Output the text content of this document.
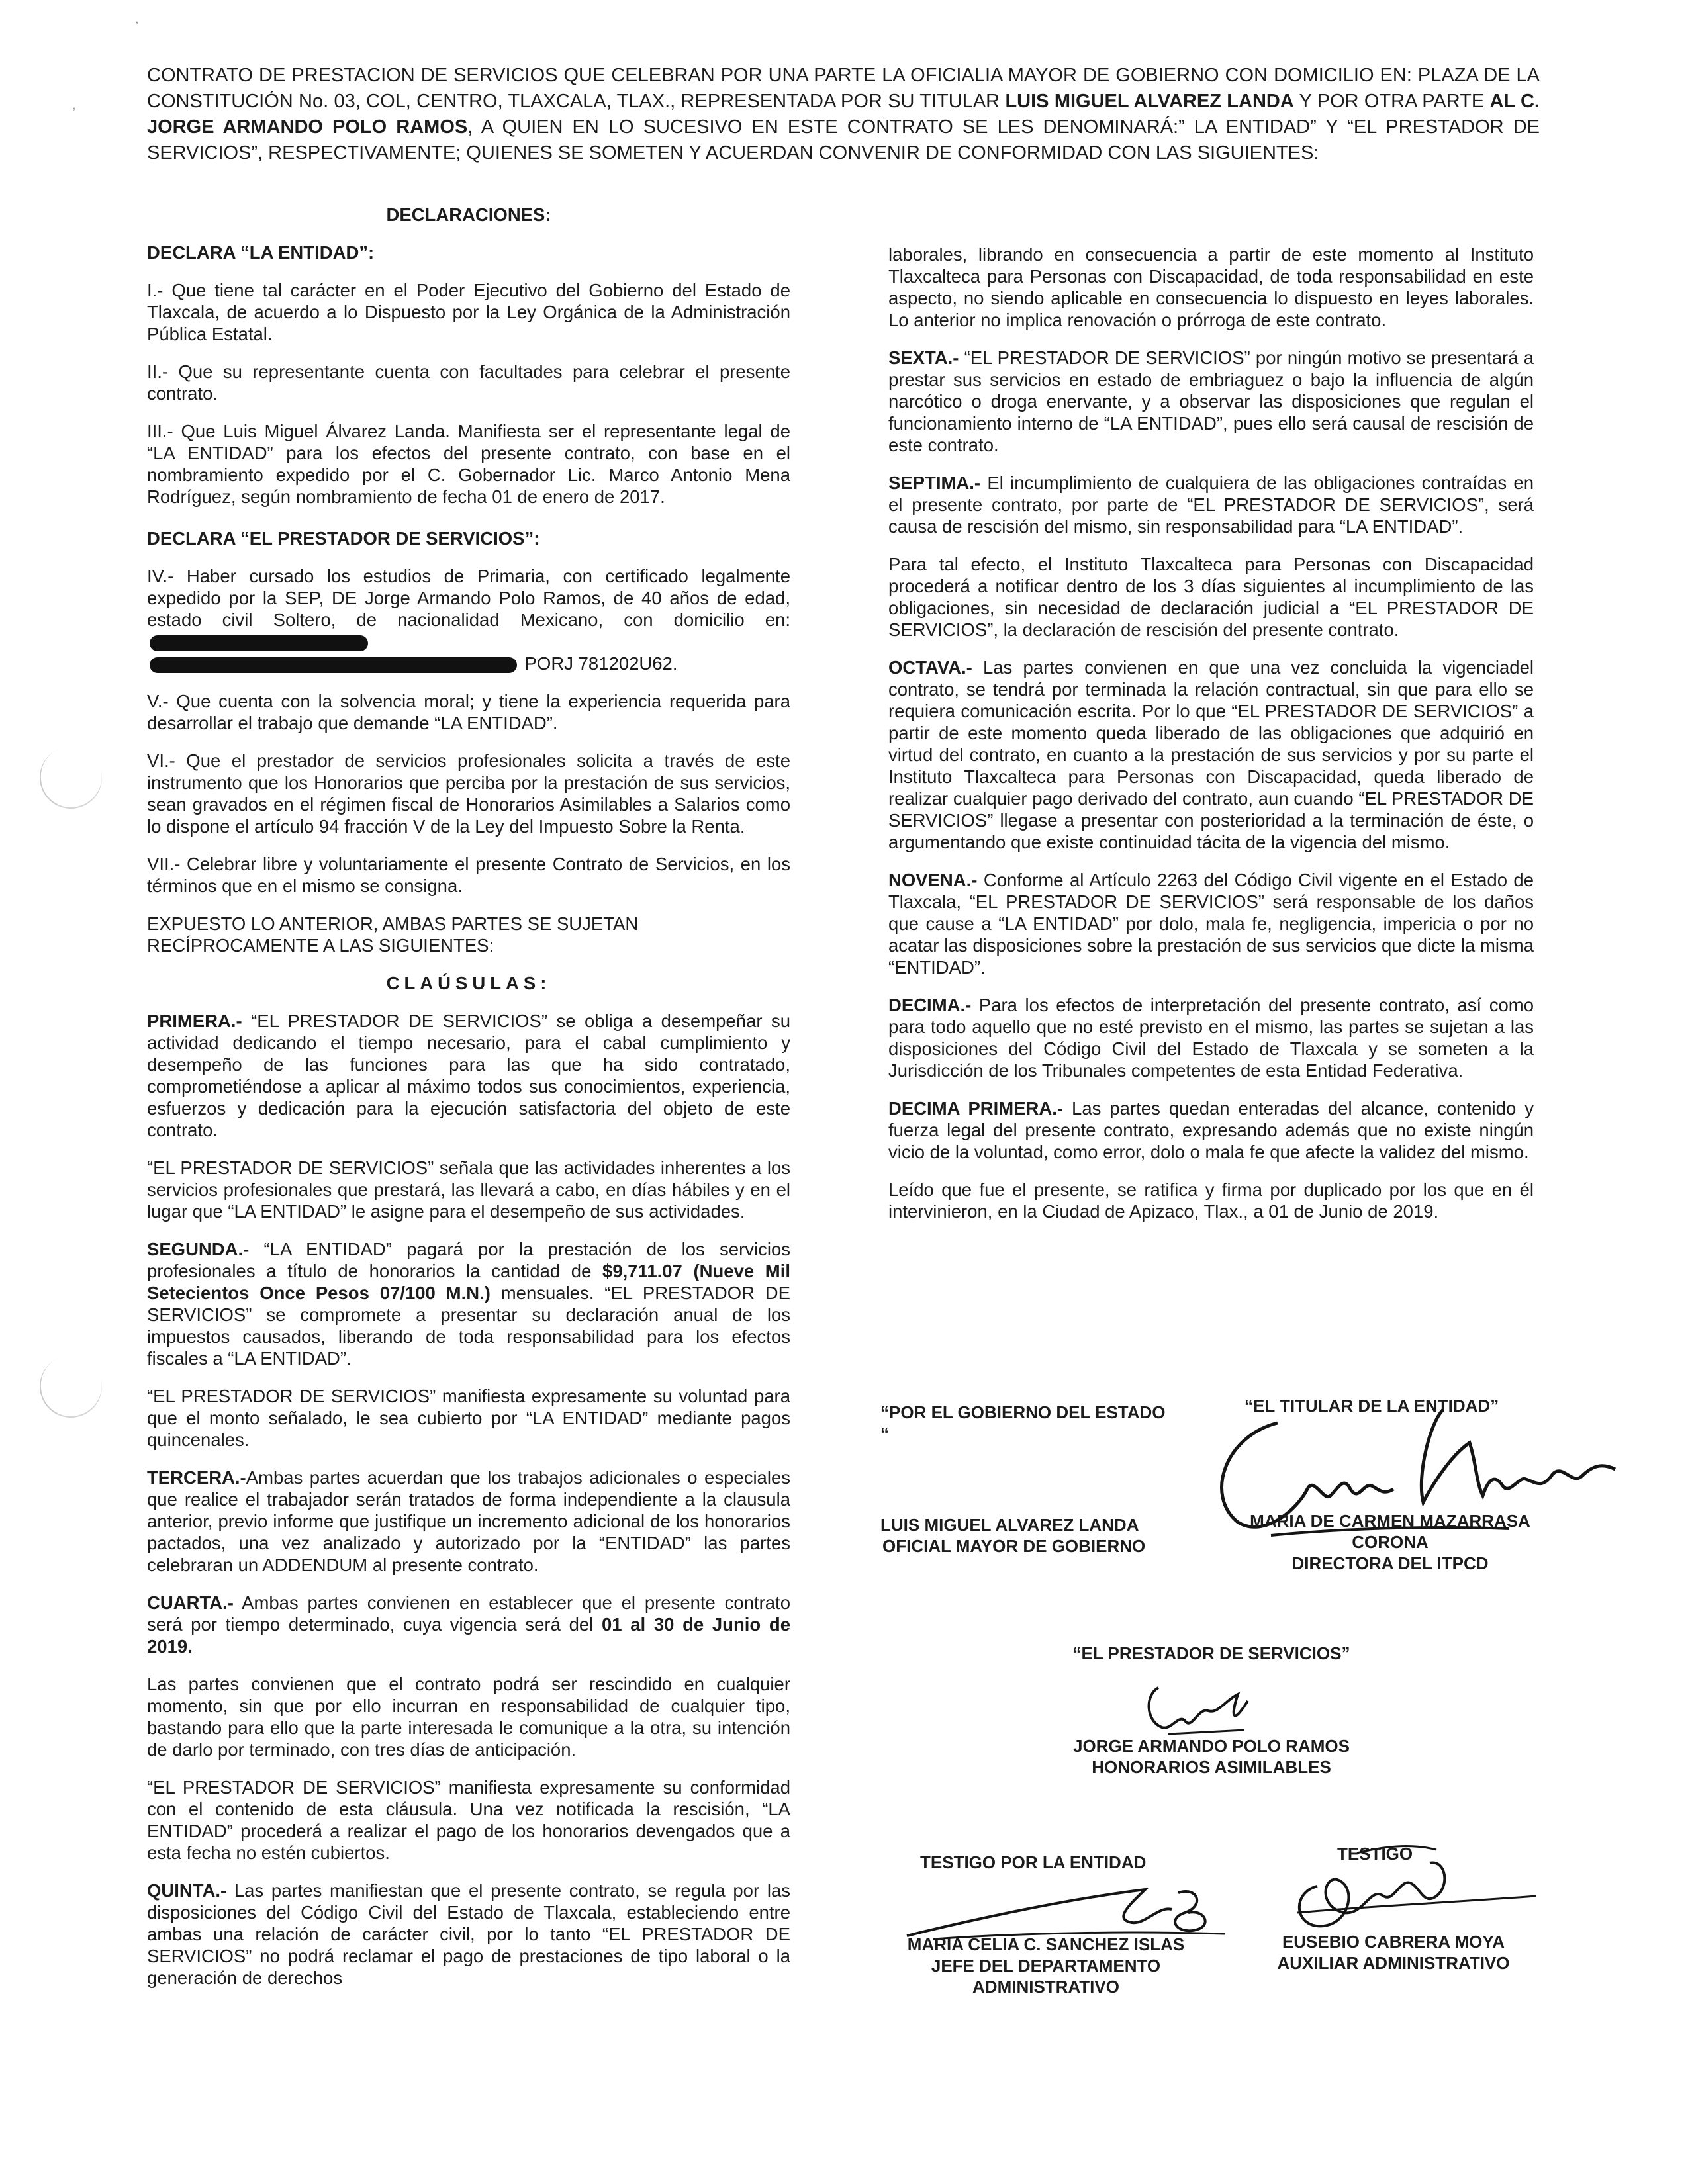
ʼ
ʼ
CONTRATO DE PRESTACION DE SERVICIOS QUE CELEBRAN POR UNA PARTE LA OFICIALIA MAYOR DE GOBIERNO CON DOMICILIO EN: PLAZA DE LA CONSTITUCIÓN No. 03, COL, CENTRO, TLAXCALA, TLAX., REPRESENTADA POR SU TITULAR LUIS MIGUEL ALVAREZ LANDA Y POR OTRA PARTE AL C. JORGE ARMANDO POLO RAMOS, A QUIEN EN LO SUCESIVO EN ESTE CONTRATO SE LES DENOMINARÁ:” LA ENTIDAD” Y “EL PRESTADOR DE SERVICIOS”, RESPECTIVAMENTE; QUIENES SE SOMETEN Y ACUERDAN CONVENIR DE CONFORMIDAD CON LAS SIGUIENTES:

DECLARACIONES:

DECLARA “LA ENTIDAD”:

I.- Que tiene tal carácter en el Poder Ejecutivo del Gobierno del Estado de Tlaxcala, de acuerdo a lo Dispuesto por la Ley Orgánica de la Administración Pública Estatal.

II.- Que su representante cuenta con facultades para celebrar el presente contrato.

III.- Que Luis Miguel Álvarez Landa. Manifiesta ser el representante legal de “LA ENTIDAD” para los efectos del presente contrato, con base en el nombramiento expedido por el C. Gobernador Lic. Marco Antonio Mena Rodríguez, según nombramiento de fecha 01 de enero de 2017.

DECLARA “EL PRESTADOR DE SERVICIOS”:

IV.- Haber cursado los estudios de Primaria, con certificado legalmente expedido por la SEP, DE Jorge Armando Polo Ramos, de 40 años de edad, estado civil Soltero, de nacionalidad Mexicano, con domicilio en:
PORJ 781202U62.

V.- Que cuenta con la solvencia moral; y tiene la experiencia requerida para desarrollar el trabajo que demande “LA ENTIDAD”.

VI.- Que el prestador de servicios profesionales solicita a través de este instrumento que los Honorarios que perciba por la prestación de sus servicios, sean gravados en el régimen fiscal de Honorarios Asimilables a Salarios como lo dispone el artículo 94 fracción V de la Ley del Impuesto Sobre la Renta.

VII.- Celebrar libre y voluntariamente el presente Contrato de Servicios, en los términos que en el mismo se consigna.

EXPUESTO LO ANTERIOR, AMBAS PARTES SE SUJETAN RECÍPROCAMENTE A LAS SIGUIENTES:

CLAÚSULAS:

PRIMERA.- “EL PRESTADOR DE SERVICIOS” se obliga a desempeñar su actividad dedicando el tiempo necesario, para el cabal cumplimiento y desempeño de las funciones para las que ha sido contratado, comprometiéndose a aplicar al máximo todos sus conocimientos, experiencia, esfuerzos y dedicación para la ejecución satisfactoria del objeto de este contrato.

“EL PRESTADOR DE SERVICIOS” señala que las actividades inherentes a los servicios profesionales que prestará, las llevará a cabo, en días hábiles y en el lugar que “LA ENTIDAD” le asigne para el desempeño de sus actividades.

SEGUNDA.- “LA ENTIDAD” pagará por la prestación de los servicios profesionales a título de honorarios la cantidad de $9,711.07 (Nueve Mil Setecientos Once Pesos 07/100 M.N.) mensuales. “EL PRESTADOR DE SERVICIOS” se compromete a presentar su declaración anual de los impuestos causados, liberando de toda responsabilidad para los efectos fiscales a “LA ENTIDAD”.

“EL PRESTADOR DE SERVICIOS” manifiesta expresamente su voluntad para que el monto señalado, le sea cubierto por “LA ENTIDAD” mediante pagos quincenales.

TERCERA.-Ambas partes acuerdan que los trabajos adicionales o especiales que realice el trabajador serán tratados de forma independiente a la clausula anterior, previo informe que justifique un incremento adicional de los honorarios pactados, una vez analizado y autorizado por la “ENTIDAD” las partes celebraran un ADDENDUM al presente contrato.

CUARTA.- Ambas partes convienen en establecer que el presente contrato será por tiempo determinado, cuya vigencia será del 01 al 30 de Junio de 2019.

Las partes convienen que el contrato podrá ser rescindido en cualquier momento, sin que por ello incurran en responsabilidad de cualquier tipo, bastando para ello que la parte interesada le comunique a la otra, su intención de darlo por terminado, con tres días de anticipación.

“EL PRESTADOR DE SERVICIOS” manifiesta expresamente su conformidad con el contenido de esta cláusula. Una vez notificada la rescisión, “LA ENTIDAD” procederá a realizar el pago de los honorarios devengados que a esta fecha no estén cubiertos.

QUINTA.- Las partes manifiestan que el presente contrato, se regula por las disposiciones del Código Civil del Estado de Tlaxcala, estableciendo entre ambas una relación de carácter civil, por lo tanto “EL PRESTADOR DE SERVICIOS” no podrá reclamar el pago de prestaciones de tipo laboral o la generación de derechos

laborales, librando en consecuencia a partir de este momento al Instituto Tlaxcalteca para Personas con Discapacidad, de toda responsabilidad en este aspecto, no siendo aplicable en consecuencia lo dispuesto en leyes laborales. Lo anterior no implica renovación o prórroga de este contrato.

SEXTA.- “EL PRESTADOR DE SERVICIOS” por ningún motivo se presentará a prestar sus servicios en estado de embriaguez o bajo la influencia de algún narcótico o droga enervante, y a observar las disposiciones que regulan el funcionamiento interno de “LA ENTIDAD”, pues ello será causal de rescisión de este contrato.

SEPTIMA.- El incumplimiento de cualquiera de las obligaciones contraídas en el presente contrato, por parte de “EL PRESTADOR DE SERVICIOS”, será causa de rescisión del mismo, sin responsabilidad para “LA ENTIDAD”.

Para tal efecto, el Instituto Tlaxcalteca para Personas con Discapacidad procederá a notificar dentro de los 3 días siguientes al incumplimiento de las obligaciones, sin necesidad de declaración judicial a “EL PRESTADOR DE SERVICIOS”, la declaración de rescisión del presente contrato.

OCTAVA.- Las partes convienen en que una vez concluida la vigenciadel contrato, se tendrá por terminada la relación contractual, sin que para ello se requiera comunicación escrita. Por lo que “EL PRESTADOR DE SERVICIOS” a partir de este momento queda liberado de las obligaciones que adquirió en virtud del contrato, en cuanto a la prestación de sus servicios y por su parte el Instituto Tlaxcalteca para Personas con Discapacidad, queda liberado de realizar cualquier pago derivado del contrato, aun cuando “EL PRESTADOR DE SERVICIOS” llegase a presentar con posterioridad a la terminación de éste, o argumentando que existe continuidad tácita de la vigencia del mismo.

NOVENA.- Conforme al Artículo 2263 del Código Civil vigente en el Estado de Tlaxcala, “EL PRESTADOR DE SERVICIOS” será responsable de los daños que cause a “LA ENTIDAD” por dolo, mala fe, negligencia, impericia o por no acatar las disposiciones sobre la prestación de sus servicios que dicte la misma “ENTIDAD”.

DECIMA.- Para los efectos de interpretación del presente contrato, así como para todo aquello que no esté previsto en el mismo, las partes se sujetan a las disposiciones del Código Civil del Estado de Tlaxcala y se someten a la Jurisdicción de los Tribunales competentes de esta Entidad Federativa.

DECIMA PRIMERA.- Las partes quedan enteradas del alcance, contenido y fuerza legal del presente contrato, expresando además que no existe ningún vicio de la voluntad, como error, dolo o mala fe que afecte la validez del mismo.

Leído que fue el presente, se ratifica y firma por duplicado por los que en él intervinieron, en la Ciudad de Apizaco, Tlax., a 01 de Junio de 2019.

“POR EL GOBIERNO DEL ESTADO “
“EL TITULAR DE LA ENTIDAD”
LUIS MIGUEL ALVAREZ LANDA
OFICIAL MAYOR DE GOBIERNO
MARIA DE CARMEN MAZARRASA
CORONA
DIRECTORA DEL ITPCD
“EL PRESTADOR DE SERVICIOS”
JORGE ARMANDO POLO RAMOS
HONORARIOS ASIMILABLES
TESTIGO POR LA ENTIDAD	TESTIGO
MARIA CELIA C. SANCHEZ ISLAS
JEFE DEL DEPARTAMENTO
ADMINISTRATIVO
EUSEBIO CABRERA MOYA
AUXILIAR ADMINISTRATIVO
